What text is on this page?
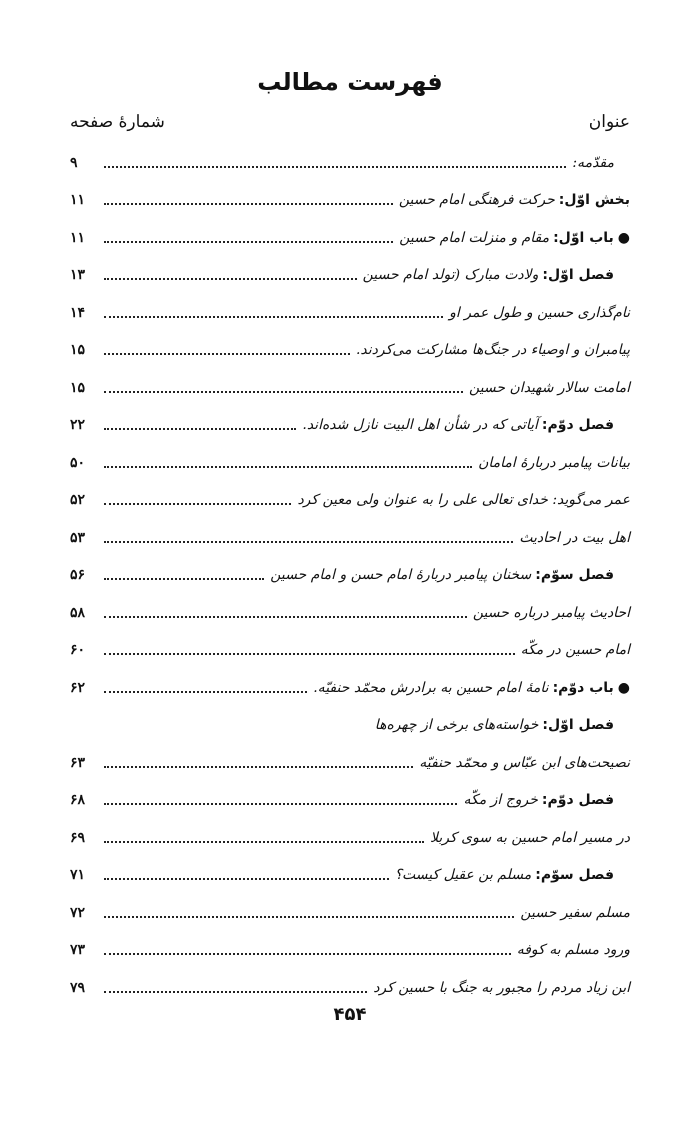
فهرست مطالب
شمارهٔ صفحه	عنوان
مقدّمه:
۹
بخش اوّل:حرکت فرهنگی امام حسین
۱۱
●باب اوّل:مقام و منزلت امام حسین
۱۱
فصل اوّل:ولادت مبارک (تولد امام حسین
۱۳
نام‌گذاری حسین و طول عمر او
۱۴
پیامبران و اوصیاء در جنگ‌ها مشارکت می‌کردند.
۱۵
امامت سالار شهیدان حسین
۱۵
فصل دوّم:آیاتی که در شأن اهل البیت نازل شده‌اند.
۲۲
بیانات پیامبر دربارهٔ امامان
۵۰
عمر می‌گوید: خدای تعالی علی را به عنوان ولی معین کرد
۵۲
اهل بیت در احادیث
۵۳
فصل سوّم:سخنان پیامبر دربارهٔ امام حسن و امام حسین
۵۶
احادیث پیامبر درباره حسین
۵۸
امام حسین در مکّه
۶۰
●باب دوّم:نامهٔ امام حسین به برادرش محمّد حنفیّه.
۶۲
فصل اوّل:خواسته‌های برخی از چهره‌ها
نصیحت‌های ابن عبّاس و محمّد حنفیّه
۶۳
فصل دوّم:خروج از مکّه
۶۸
در مسیر امام حسین به سوی کربلا
۶۹
فصل سوّم:مسلم بن عقیل کیست؟
۷۱
مسلم سفیر حسین
۷۲
ورود مسلم به کوفه
۷۳
ابن زیاد مردم را مجبور به جنگ با حسین کرد
۷۹
۴۵۴
